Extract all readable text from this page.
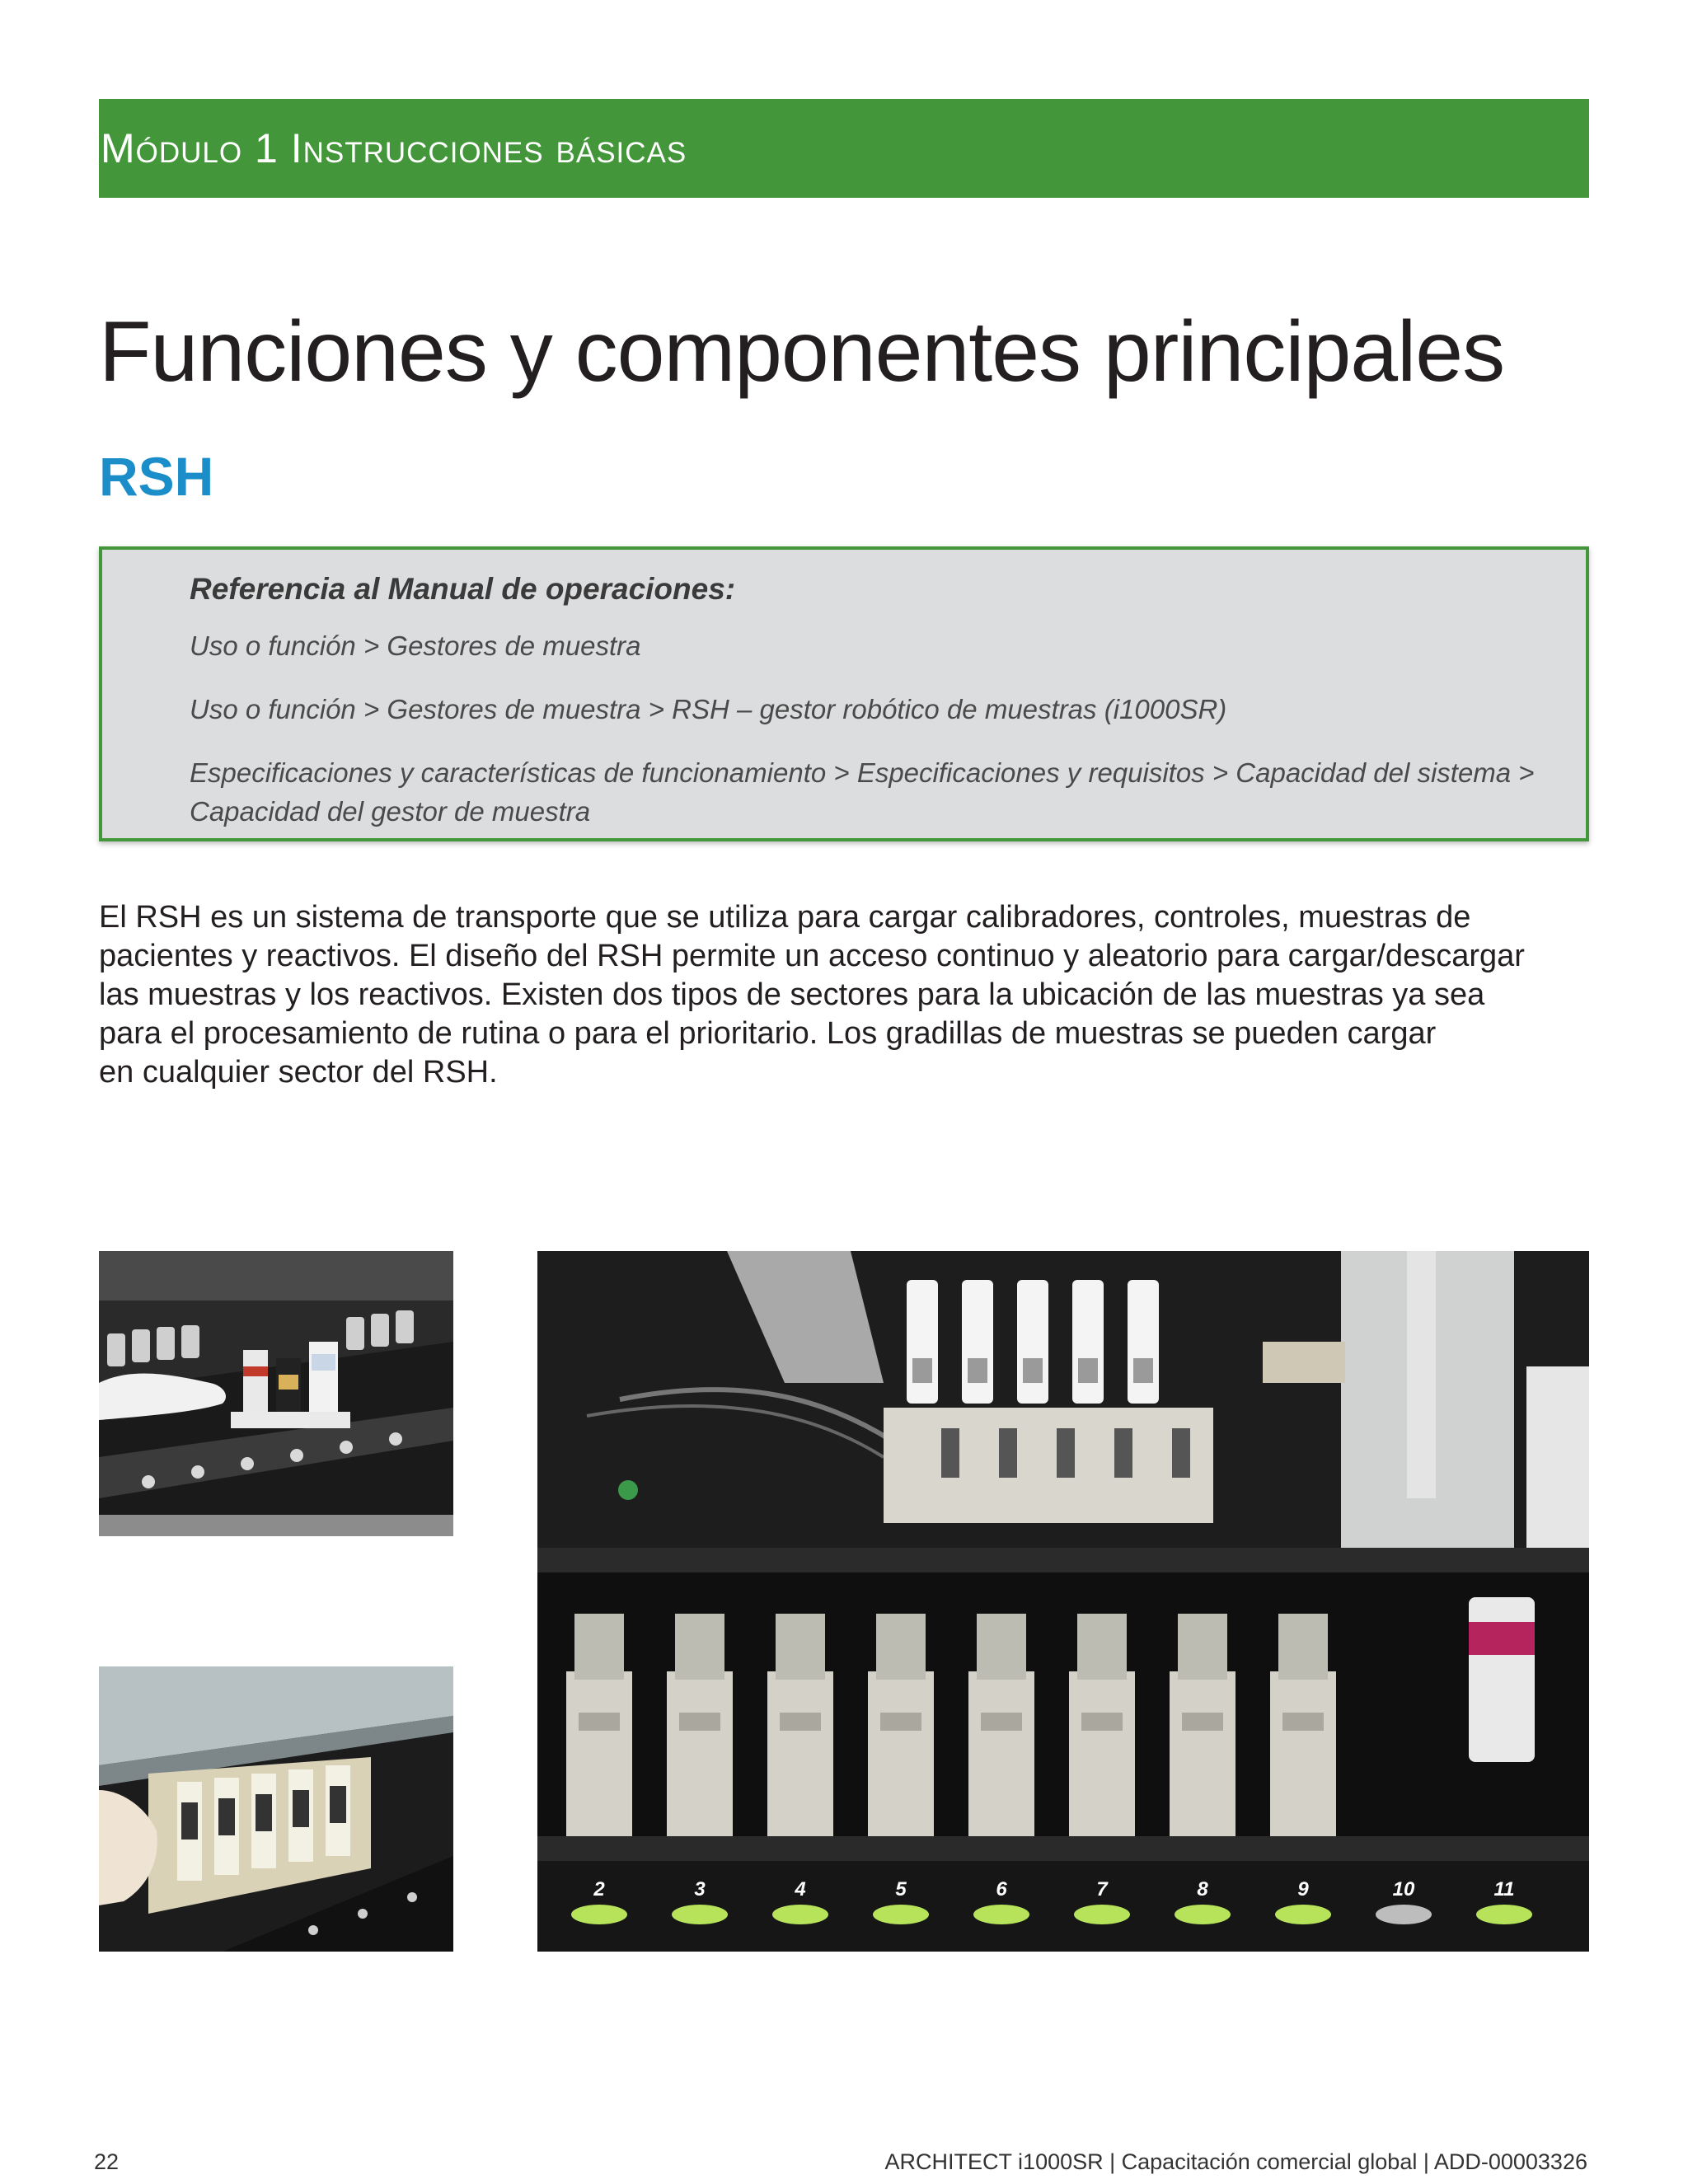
Módulo 1 Instrucciones básicas
Funciones y componentes principales
RSH
Referencia al Manual de operaciones:
Uso o función > Gestores de muestra
Uso o función > Gestores de muestra > RSH – gestor robótico de muestras (i1000SR)
Especificaciones y características de funcionamiento > Especificaciones y requisitos > Capacidad del sistema >
Capacidad del gestor de muestra
El RSH es un sistema de transporte que se utiliza para cargar calibradores, controles, muestras de
pacientes y reactivos. El diseño del RSH permite un acceso continuo y aleatorio para cargar/descargar
las muestras y los reactivos. Existen dos tipos de sectores para la ubicación de las muestras ya sea
para el procesamiento de rutina o para el prioritario. Los gradillas de muestras se pueden cargar
en cualquier sector del RSH.
2	3	4	5	6	7	8	9	10	11
22	ARCHITECT i1000SR | Capacitación comercial global | ADD-00003326
